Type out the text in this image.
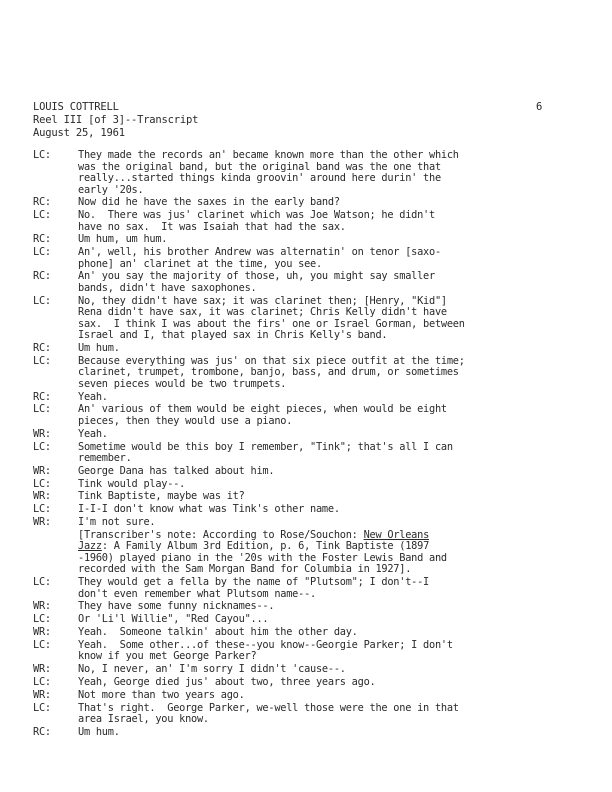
LOUIS COTTRELL
Reel III [of 3]--Transcript
August 25, 1961
6
LC:	They made the records an' became known more than the other which
was the original band, but the original band was the one that
really...started things kinda groovin' around here durin' the
early '20s.
RC:	Now did he have the saxes in the early band?
LC:	No.  There was jus' clarinet which was Joe Watson; he didn't
have no sax.  It was Isaiah that had the sax.
RC:	Um hum, um hum.
LC:	An', well, his brother Andrew was alternatin' on tenor [saxo-
phone] an' clarinet at the time, you see.
RC:	An' you say the majority of those, uh, you might say smaller
bands, didn't have saxophones.
LC:	No, they didn't have sax; it was clarinet then; [Henry, "Kid"]
Rena didn't have sax, it was clarinet; Chris Kelly didn't have
sax.  I think I was about the firs' one or Israel Gorman, between
Israel and I, that played sax in Chris Kelly's band.
RC:	Um hum.
LC:	Because everything was jus' on that six piece outfit at the time;
clarinet, trumpet, trombone, banjo, bass, and drum, or sometimes
seven pieces would be two trumpets.
RC:	Yeah.
LC:	An' various of them would be eight pieces, when would be eight
pieces, then they would use a piano.
WR:	Yeah.
LC:	Sometime would be this boy I remember, "Tink"; that's all I can
remember.
WR:	George Dana has talked about him.
LC:	Tink would play--.
WR:	Tink Baptiste, maybe was it?
LC:	I-I-I don't know what was Tink's other name.
WR:	I'm not sure.
[Transcriber's note: According to Rose/Souchon: New Orleans
Jazz: A Family Album 3rd Edition, p. 6, Tink Baptiste (1897
-1960) played piano in the '20s with the Foster Lewis Band and
recorded with the Sam Morgan Band for Columbia in 1927].
LC:	They would get a fella by the name of "Plutsom"; I don't--I
don't even remember what Plutsom name--.
WR:	They have some funny nicknames--.
LC:	Or 'Li'l Willie", "Red Cayou"...
WR:	Yeah.  Someone talkin' about him the other day.
LC:	Yeah.  Some other...of these--you know--Georgie Parker; I don't
know if you met George Parker?
WR:	No, I never, an' I'm sorry I didn't 'cause--.
LC:	Yeah, George died jus' about two, three years ago.
WR:	Not more than two years ago.
LC:	That's right.  George Parker, we-well those were the one in that
area Israel, you know.
RC:	Um hum.
